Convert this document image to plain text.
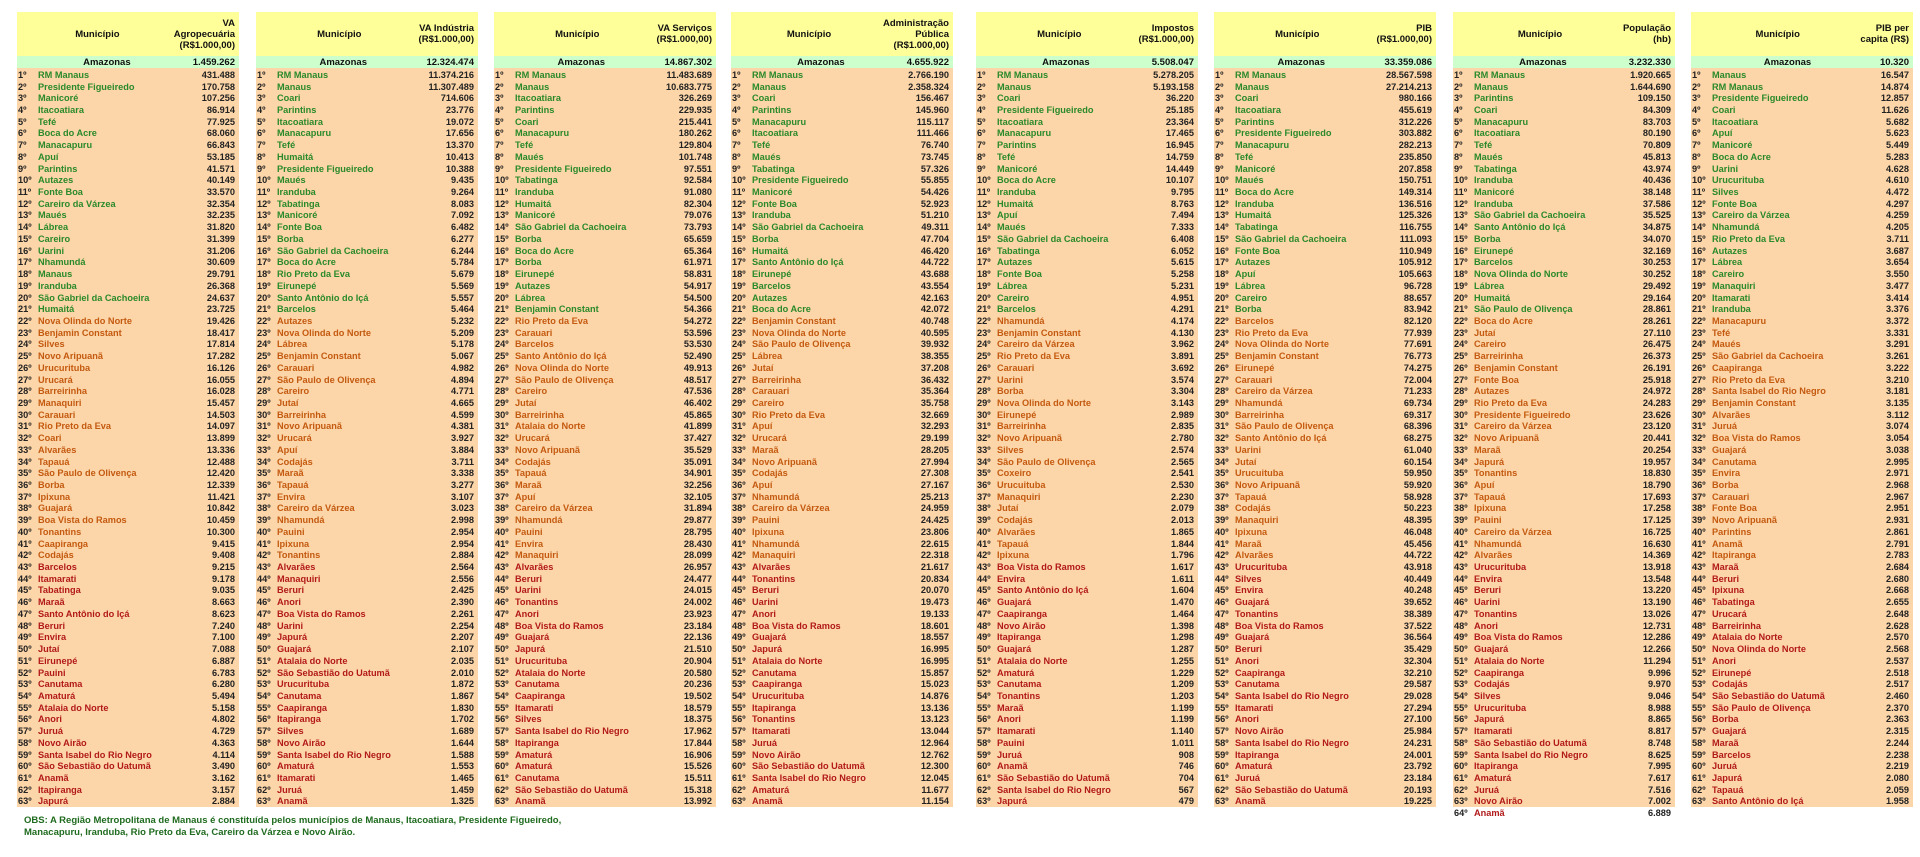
Município
VA
Agropecuária
(R$1.000,00)
Amazonas	1.459.262
1º	RM Manaus	431.488
2º	Presidente Figueiredo	170.758
3º	Manicoré	107.256
4º	Itacoatiara	86.914
5º	Tefé	77.925
6º	Boca do Acre	68.060
7º	Manacapuru	66.843
8º	Apuí	53.185
9º	Parintins	41.571
10º Autazes	40.149
11º Fonte Boa	33.570
12º Careiro da Várzea	32.354
13º Maués	32.235
14º Lábrea	31.820
15º Careiro	31.399
16º Uarini	31.206
17º Nhamundá	30.609
18º Manaus	29.791
19º Iranduba	26.368
20º São Gabriel da Cachoeira	24.637
21º Humaitá	23.725
22º Nova Olinda do Norte	19.426
23º Benjamin Constant	18.417
24º Silves	17.814
25º Novo Aripuanã	17.282
26º Urucurituba	16.126
27º Urucará	16.055
28º Barreirinha	16.028
29º Manaquiri	15.457
30º Carauari	14.503
31º Rio Preto da Eva	14.097
32º Coari	13.899
33º Alvarães	13.336
34º Tapauá	12.488
35º São Paulo de Olivença	12.420
36º Borba	12.339
37º Ipixuna	11.421
38º Guajará	10.842
39º Boa Vista do Ramos	10.459
40º Tonantins	10.300
41º Caapiranga	9.415
42º Codajás	9.408
43º Barcelos	9.215
44º Itamarati	9.178
45º Tabatinga	9.035
46º Maraã	8.663
47º Santo Antônio do Içá	8.623
48º Beruri	7.240
49º Envira	7.100
50º Jutaí	7.088
51º Eirunepé	6.887
52º Pauini	6.783
53º Canutama	6.280
54º Amaturá	5.494
55º Atalaia do Norte	5.158
56º Anori	4.802
57º Juruá	4.729
58º Novo Airão	4.363
59º Santa Isabel do Rio Negro	4.114
60º São Sebastião do Uatumã	3.490
61º Anamã	3.162
62º Itapiranga	3.157
63º Japurá	2.884
Município	VA Indústria
(R$1.000,00)
Amazonas	12.324.474
1º	RM Manaus	11.374.216
2º	Manaus	11.307.489
3º	Coari	714.606
4º	Parintins	23.776
5º	Itacoatiara	19.072
6º	Manacapuru	17.656
7º	Tefé	13.370
8º	Humaitá	10.413
9º	Presidente Figueiredo	10.388
10º Maués	9.435
11º Iranduba	9.264
12º Tabatinga	8.083
13º Manicoré	7.092
14º Fonte Boa	6.482
15º Borba	6.277
16º São Gabriel da Cachoeira	6.244
17º Boca do Acre	5.784
18º Rio Preto da Eva	5.679
19º Eirunepé	5.569
20º Santo Antônio do Içá	5.557
21º Barcelos	5.464
22º Autazes	5.232
23º Nova Olinda do Norte	5.209
24º Lábrea	5.178
25º Benjamin Constant	5.067
26º Carauari	4.982
27º São Paulo de Olivença	4.894
28º Careiro	4.771
29º Jutaí	4.665
30º Barreirinha	4.599
31º Novo Aripuanã	4.381
32º Urucará	3.927
33º Apuí	3.884
34º Codajás	3.711
35º Maraã	3.338
36º Tapauá	3.277
37º Envira	3.107
38º Careiro da Várzea	3.023
39º Nhamundá	2.998
40º Pauini	2.954
41º Ipixuna	2.954
42º Tonantins	2.884
43º Alvarães	2.564
44º Manaquiri	2.556
45º Beruri	2.425
46º Anori	2.390
47º Boa Vista do Ramos	2.261
48º Uarini	2.254
49º Japurá	2.207
50º Guajará	2.107
51º Atalaia do Norte	2.035
52º São Sebastião do Uatumã	2.010
53º Urucurituba	1.872
54º Canutama	1.867
55º Caapiranga	1.830
56º Itapiranga	1.702
57º Silves	1.689
58º Novo Airão	1.644
59º Santa Isabel do Rio Negro	1.588
60º Amaturá	1.553
61º Itamarati	1.465
62º Juruá	1.459
63º Anamã	1.325
Município	VA Serviços
(R$1.000,00)
Amazonas	14.867.302
1º	RM Manaus	11.483.689
2º	Manaus	10.683.775
3º	Itacoatiara	326.269
4º	Parintins	229.935
5º	Coari	215.441
6º	Manacapuru	180.262
7º	Tefé	129.804
8º	Maués	101.748
9º	Presidente Figueiredo	97.551
10º Tabatinga	92.584
11º Iranduba	91.080
12º Humaitá	82.304
13º Manicoré	79.076
14º São Gabriel da Cachoeira	73.793
15º Borba	65.659
16º Boca do Acre	65.364
17º Borba	61.971
18º Eirunepé	58.831
19º Autazes	54.917
20º Lábrea	54.500
21º Benjamin Constant	54.366
22º Rio Preto da Eva	54.272
23º Carauari	53.596
24º Barcelos	53.530
25º Santo Antônio do Içá	52.490
26º Nova Olinda do Norte	49.913
27º São Paulo de Olivença	48.517
28º Careiro	47.536
29º Jutaí	46.402
30º Barreirinha	45.865
31º Atalaia do Norte	41.899
32º Urucará	37.427
33º Novo Aripuanã	35.529
34º Codajás	35.091
35º Tapauá	34.901
36º Maraã	32.256
37º Apuí	32.105
38º Careiro da Várzea	31.894
39º Nhamundá	29.877
40º Pauini	28.795
41º Envira	28.430
42º Manaquiri	28.099
43º Alvarães	26.957
44º Beruri	24.477
45º Uarini	24.015
46º Tonantins	24.002
47º Anori	23.923
48º Boa Vista do Ramos	23.184
49º Guajará	22.136
50º Japurá	21.510
51º Urucurituba	20.904
52º Atalaia do Norte	20.580
53º Canutama	20.236
54º Caapiranga	19.502
55º Itamarati	18.579
56º Silves	18.375
57º Santa Isabel do Rio Negro	17.962
58º Itapiranga	17.844
59º Amaturá	16.906
60º Amaturá	15.526
61º Canutama	15.511
62º São Sebastião do Uatumã	15.318
63º Anamã	13.992
Município
Administração
Pública
(R$1.000,00)
Amazonas	4.655.922
1º	RM Manaus	2.766.190
2º	Manaus	2.358.324
3º	Coari	156.467
4º	Parintins	145.960
5º	Manacapuru	115.117
6º	Itacoatiara	111.466
7º	Tefé	76.740
8º	Maués	73.745
9º	Tabatinga	57.326
10º Presidente Figueiredo	55.855
11º Manicoré	54.426
12º Fonte Boa	52.923
13º Iranduba	51.210
14º São Gabriel da Cachoeira	49.311
15º Borba	47.704
16º Humaitá	46.420
17º Santo Antônio do Içá	44.722
18º Eirunepé	43.688
19º Barcelos	43.554
20º Autazes	42.163
21º Boca do Acre	42.072
22º Benjamin Constant	40.748
23º Nova Olinda do Norte	40.595
24º São Paulo de Olivença	39.932
25º Lábrea	38.355
26º Jutaí	37.208
27º Barreirinha	36.432
28º Carauari	35.364
29º Careiro	35.758
30º Rio Preto da Eva	32.669
31º Apuí	32.293
32º Urucará	29.199
33º Maraã	28.205
34º Novo Aripuanã	27.994
35º Codajás	27.308
36º Apuí	27.167
37º Nhamundá	25.213
38º Careiro da Várzea	24.959
39º Pauini	24.425
40º Ipixuna	23.806
41º Nhamundá	22.615
42º Manaquiri	22.318
43º Alvarães	21.617
44º Tonantins	20.834
45º Beruri	20.070
46º Uarini	19.473
47º Anori	19.133
48º Boa Vista do Ramos	18.601
49º Guajará	18.557
50º Japurá	16.995
51º Atalaia do Norte	16.995
52º Canutama	15.857
53º Caapiranga	15.023
54º Urucurituba	14.876
55º Itapiranga	13.136
56º Tonantins	13.123
57º Itamarati	13.044
58º Juruá	12.964
59º Novo Airão	12.762
60º São Sebastião do Uatumã	12.300
61º Santa Isabel do Rio Negro	12.045
62º Amaturá	11.677
63º Anamã	11.154
Município	Impostos
(R$1.000,00)
Amazonas	5.508.047
1º	RM Manaus	5.278.205
2º	Manaus	5.193.158
3º	Coari	36.220
4º	Presidente Figueiredo	25.185
5º	Itacoatiara	23.364
6º	Manacapuru	17.465
7º	Parintins	16.945
8º	Tefé	14.759
9º	Manicoré	14.449
10º Boca do Acre	10.107
11º Iranduba	9.795
12º Humaitá	8.763
13º Apuí	7.494
14º Maués	7.333
15º São Gabriel da Cachoeira	6.408
16º Tabatinga	6.052
17º Autazes	5.615
18º Fonte Boa	5.258
19º Lábrea	5.231
20º Careiro	4.951
21º Barcelos	4.291
22º Nhamundá	4.174
23º Benjamin Constant	4.130
24º Careiro da Várzea	3.962
25º Rio Preto da Eva	3.891
26º Carauari	3.692
27º Uarini	3.574
28º Borba	3.304
29º Nova Olinda do Norte	3.143
30º Eirunepé	2.989
31º Barreirinha	2.835
32º Novo Aripuanã	2.780
33º Silves	2.574
34º São Paulo de Olivença	2.565
35º Coxeiro	2.541
36º Urucuituba	2.530
37º Manaquiri	2.230
38º Jutaí	2.079
39º Codajás	2.013
40º Alvarães	1.865
41º Tapauá	1.844
42º Ipixuna	1.796
43º Boa Vista do Ramos	1.617
44º Envira	1.611
45º Santo Antônio do Içá	1.604
46º Guajará	1.470
47º Caapiranga	1.464
48º Novo Airão	1.398
49º Itapiranga	1.298
50º Guajará	1.287
51º Atalaia do Norte	1.255
52º Amaturá	1.229
53º Canutama	1.209
54º Tonantins	1.203
55º Maraã	1.199
56º Anori	1.199
57º Itamarati	1.140
58º Pauini	1.011
59º Juruá	908
60º Anamã	746
61º São Sebastião do Uatumã	704
62º Santa Isabel do Rio Negro	567
63º Japurá	479
Município	PIB
(R$1.000,00)
Amazonas	33.359.086
1º	RM Manaus	28.567.598
2º	Manaus	27.214.213
3º	Coari	980.166
4º	Itacoatiara	455.619
5º	Parintins	312.226
6º	Presidente Figueiredo	303.882
7º	Manacapuru	282.213
8º	Tefé	235.850
9º	Manicoré	207.858
10º Maués	150.751
11º Boca do Acre	149.314
12º Iranduba	136.516
13º Humaitá	125.326
14º Tabatinga	116.755
15º São Gabriel da Cachoeira	111.093
16º Fonte Boa	110.949
17º Autazes	105.912
18º Apuí	105.663
19º Lábrea	96.728
20º Careiro	88.657
21º Borba	83.942
22º Barcelos	82.120
23º Rio Preto da Eva	77.939
24º Nova Olinda do Norte	77.691
25º Benjamin Constant	76.773
26º Eirunepé	74.275
27º Carauari	72.004
28º Careiro da Várzea	71.233
29º Nhamundá	69.734
30º Barreirinha	69.317
31º São Paulo de Olivença	68.396
32º Santo Antônio do Içá	68.275
33º Uarini	61.040
34º Jutaí	60.154
35º Urucuituba	59.950
36º Novo Aripuanã	59.920
37º Tapauá	58.928
38º Codajás	50.223
39º Manaquiri	48.395
40º Ipixuna	46.048
41º Maraã	45.456
42º Alvarães	44.722
43º Urucurituba	43.918
44º Silves	40.449
45º Envira	40.248
46º Guajará	39.652
47º Tonantins	38.389
48º Boa Vista do Ramos	37.522
49º Guajará	36.564
50º Beruri	35.429
51º Anori	32.304
52º Caapiranga	32.210
53º Canutama	29.587
54º Santa Isabel do Rio Negro	29.028
55º Itamarati	27.294
56º Anori	27.100
57º Novo Airão	25.984
58º Santa Isabel do Rio Negro	24.231
59º Itapiranga	24.001
60º Amaturá	23.792
61º Juruá	23.184
62º São Sebastião do Uatumã	20.193
63º Anamã	19.225
Município	População
(hb)
Amazonas	3.232.330
1º	RM Manaus	1.920.665
2º	Manaus	1.644.690
3º	Parintins	109.150
4º	Coari	84.309
5º	Manacapuru	83.703
6º	Itacoatiara	80.190
7º	Tefé	70.809
8º	Maués	45.813
9º	Tabatinga	43.974
10º Iranduba	40.436
11º Manicoré	38.148
12º Iranduba	37.586
13º São Gabriel da Cachoeira	35.525
14º Santo Antônio do Içá	34.875
15º Borba	34.070
16º Eirunepé	32.169
17º Barcelos	30.253
18º Nova Olinda do Norte	30.252
19º Lábrea	29.492
20º Humaitá	29.164
21º São Paulo de Olivença	28.861
22º Boca do Acre	28.261
23º Jutaí	27.110
24º Careiro	26.475
25º Barreirinha	26.373
26º Benjamin Constant	26.191
27º Fonte Boa	25.918
28º Autazes	24.972
29º Rio Preto da Eva	24.283
30º Presidente Figueiredo	23.626
31º Careiro da Várzea	23.120
32º Novo Aripuanã	20.441
33º Maraã	20.254
34º Japurá	19.957
35º Tonantins	18.830
36º Apuí	18.790
37º Tapauá	17.693
38º Ipixuna	17.258
39º Pauini	17.125
40º Careiro da Várzea	16.725
41º Nhamundá	16.630
42º Alvarães	14.369
43º Urucurituba	13.918
44º Envira	13.548
45º Beruri	13.220
46º Uarini	13.190
47º Tonantins	13.026
48º Anori	12.731
49º Boa Vista do Ramos	12.286
50º Guajará	12.266
51º Atalaia do Norte	11.294
52º Caapiranga	9.996
53º Codajás	9.970
54º Silves	9.046
55º Urucurituba	8.988
56º Japurá	8.865
57º Itamarati	8.817
58º São Sebastião do Uatumã	8.748
59º Santa Isabel do Rio Negro	8.625
60º Itapiranga	7.995
61º Amaturá	7.617
62º Juruá	7.516
63º Novo Airão	7.002
64º Anamã	6.889
Município	PIB per
capita (R$)
Amazonas	10.320
1º	Manaus	16.547
2º	RM Manaus	14.874
3º	Presidente Figueiredo	12.857
4º	Coari	11.626
5º	Itacoatiara	5.682
6º	Apuí	5.623
7º	Manicoré	5.449
8º	Boca do Acre	5.283
9º	Uarini	4.628
10º Urucurituba	4.610
11º Silves	4.472
12º Fonte Boa	4.297
13º Careiro da Várzea	4.259
14º Nhamundá	4.205
15º Rio Preto da Eva	3.711
16º Autazes	3.687
17º Lábrea	3.654
18º Careiro	3.550
19º Manaquiri	3.477
20º Itamarati	3.414
21º Iranduba	3.376
22º Manacapuru	3.372
23º Tefé	3.331
24º Maués	3.291
25º São Gabriel da Cachoeira	3.261
26º Caapiranga	3.222
27º Rio Preto da Eva	3.210
28º Santa Isabel do Rio Negro	3.181
29º Benjamin Constant	3.135
30º Alvarães	3.112
31º Juruá	3.074
32º Boa Vista do Ramos	3.054
33º Guajará	3.038
34º Canutama	2.995
35º Envira	2.971
36º Borba	2.968
37º Carauari	2.967
38º Fonte Boa	2.951
39º Novo Aripuanã	2.931
40º Parintins	2.861
41º Anamã	2.791
42º Itapiranga	2.783
43º Maraã	2.684
44º Beruri	2.680
45º Ipixuna	2.668
46º Tabatinga	2.655
47º Urucará	2.648
48º Barreirinha	2.628
49º Atalaia do Norte	2.570
50º Nova Olinda do Norte	2.568
51º Anori	2.537
52º Eirunepé	2.518
53º Codajás	2.517
54º São Sebastião do Uatumã	2.460
55º São Paulo de Olivença	2.370
56º Borba	2.363
57º Guajará	2.315
58º Maraã	2.244
59º Barcelos	2.238
60º Juruá	2.219
61º Japurá	2.080
62º Tapauá	2.059
63º Santo Antônio do Içá	1.958
OBS: A Região Metropolitana de Manaus é constituída pelos municípios de Manaus, Itacoatiara, Presidente Figueiredo, Manacapuru, Iranduba, Rio Preto da Eva, Careiro da Várzea e Novo Airão.
